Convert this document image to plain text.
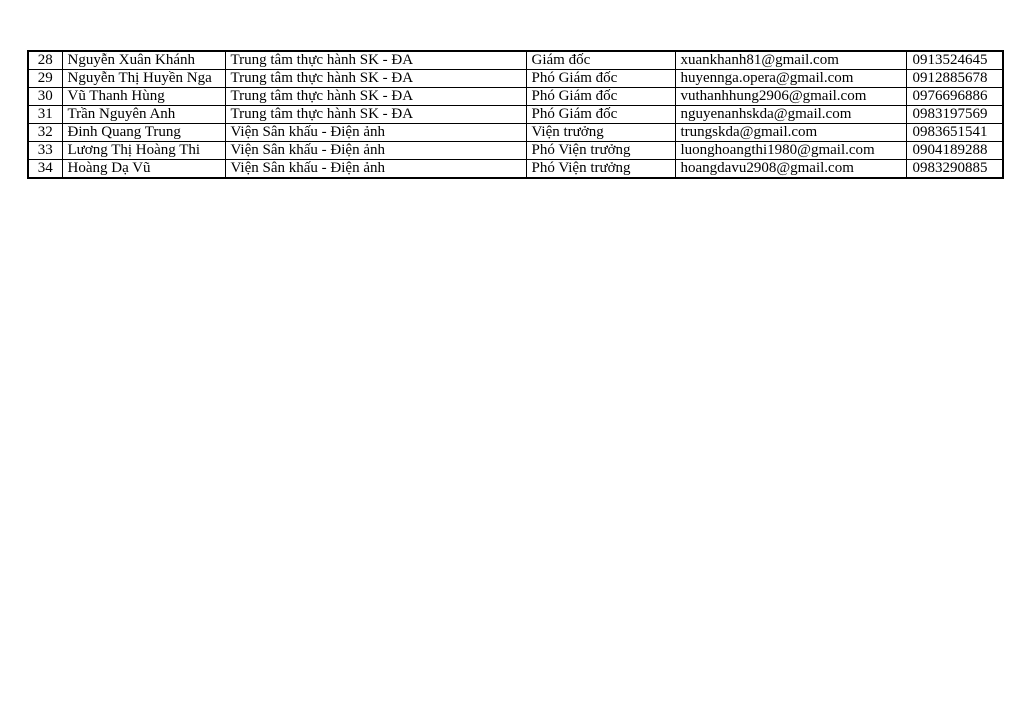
28	Nguyễn Xuân Khánh	Trung tâm thực hành SK - ĐA	Giám đốc	xuankhanh81@gmail.com	0913524645
29	Nguyễn Thị Huyền Nga	Trung tâm thực hành SK - ĐA	Phó Giám đốc	huyennga.opera@gmail.com	0912885678
30	Vũ Thanh Hùng	Trung tâm thực hành SK - ĐA	Phó Giám đốc	vuthanhhung2906@gmail.com	0976696886
31	Trần Nguyên Anh	Trung tâm thực hành SK - ĐA	Phó Giám đốc	nguyenanhskda@gmail.com	0983197569
32	Đinh Quang Trung	Viện Sân khấu - Điện ảnh	Viện trưởng	trungskda@gmail.com	0983651541
33	Lương Thị Hoàng Thi	Viện Sân khấu - Điện ảnh	Phó Viện trưởng	luonghoangthi1980@gmail.com	0904189288
34	Hoàng Dạ Vũ	Viện Sân khấu - Điện ảnh	Phó Viện trưởng	hoangdavu2908@gmail.com	0983290885
